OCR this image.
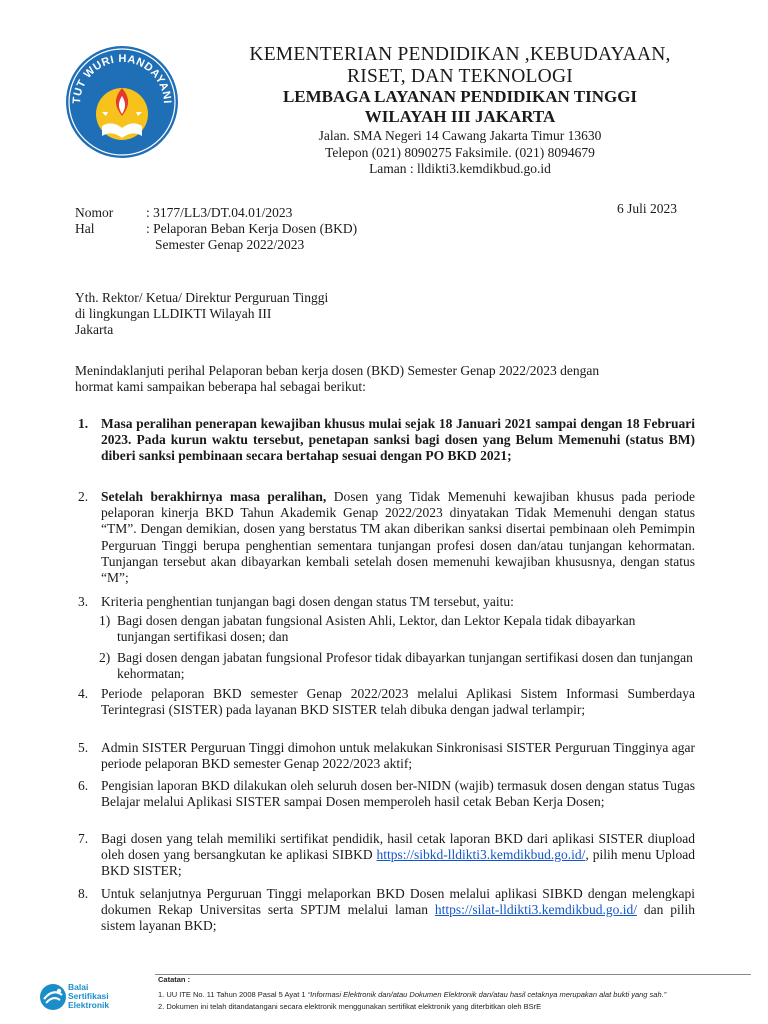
TUT WURI HANDAYANI
KEMENTERIAN PENDIDIKAN ,KEBUDAYAAN,
RISET, DAN TEKNOLOGI
LEMBAGA LAYANAN PENDIDIKAN TINGGI
WILAYAH III JAKARTA
Jalan. SMA Negeri 14 Cawang Jakarta Timur 13630
Telepon (021) 8090275 Faksimile. (021) 8094679
Laman : lldikti3.kemdikbud.go.id
6 Juli 2023
Nomor : 3177/LL3/DT.04.01/2023
Hal	: Pelaporan Beban Kerja Dosen (BKD)
Semester Genap 2022/2023
Yth. Rektor/ Ketua/ Direktur Perguruan Tinggi
di lingkungan LLDIKTI Wilayah III
Jakarta
Menindaklanjuti perihal Pelaporan beban kerja dosen (BKD) Semester Genap 2022/2023 dengan
hormat kami sampaikan beberapa hal sebagai berikut:
1. Masa peralihan penerapan kewajiban khusus mulai sejak 18 Januari 2021 sampai dengan 18 Februari 2023. Pada kurun waktu tersebut, penetapan sanksi bagi dosen yang Belum Memenuhi (status BM) diberi sanksi pembinaan secara bertahap sesuai dengan PO BKD 2021;
2. Setelah berakhirnya masa peralihan, Dosen yang Tidak Memenuhi kewajiban khusus pada periode pelaporan kinerja BKD Tahun Akademik Genap 2022/2023 dinyatakan Tidak Memenuhi dengan status “TM”. Dengan demikian, dosen yang berstatus TM akan diberikan sanksi disertai pembinaan oleh Pemimpin Perguruan Tinggi berupa penghentian sementara tunjangan profesi dosen dan/atau tunjangan kehormatan. Tunjangan tersebut akan dibayarkan kembali setelah dosen memenuhi kewajiban khususnya, dengan status “M”;
3. Kriteria penghentian tunjangan bagi dosen dengan status TM tersebut, yaitu:
1) Bagi dosen dengan jabatan fungsional Asisten Ahli, Lektor, dan Lektor Kepala tidak dibayarkan tunjangan sertifikasi dosen; dan
2) Bagi dosen dengan jabatan fungsional Profesor tidak dibayarkan tunjangan sertifikasi dosen dan tunjangan kehormatan;
4. Periode pelaporan BKD semester Genap 2022/2023 melalui Aplikasi Sistem Informasi Sumberdaya Terintegrasi (SISTER) pada layanan BKD SISTER telah dibuka dengan jadwal terlampir;
5. Admin SISTER Perguruan Tinggi dimohon untuk melakukan Sinkronisasi SISTER Perguruan Tingginya agar periode pelaporan BKD semester Genap 2022/2023 aktif;
6. Pengisian laporan BKD dilakukan oleh seluruh dosen ber-NIDN (wajib) termasuk dosen dengan status Tugas Belajar melalui Aplikasi SISTER sampai Dosen memperoleh hasil cetak Beban Kerja Dosen;
7. Bagi dosen yang telah memiliki sertifikat pendidik, hasil cetak laporan BKD dari aplikasi SISTER diupload oleh dosen yang bersangkutan ke aplikasi SIBKD https://sibkd-lldikti3.kemdikbud.go.id/, pilih menu Upload BKD SISTER;
8. Untuk selanjutnya Perguruan Tinggi melaporkan BKD Dosen melalui aplikasi SIBKD dengan melengkapi dokumen Rekap Universitas serta SPTJM melalui laman https://silat-lldikti3.kemdikbud.go.id/ dan pilih sistem layanan BKD;
Balai
Sertifikasi
Elektronik
Catatan :
1. UU ITE No. 11 Tahun 2008 Pasal 5 Ayat 1 “Informasi Elektronik dan/atau Dokumen Elektronik dan/atau hasil cetaknya merupakan alat bukti yang sah.”
2. Dokumen ini telah ditandatangani secara elektronik menggunakan sertifikat elektronik yang diterbitkan oleh BSrE
